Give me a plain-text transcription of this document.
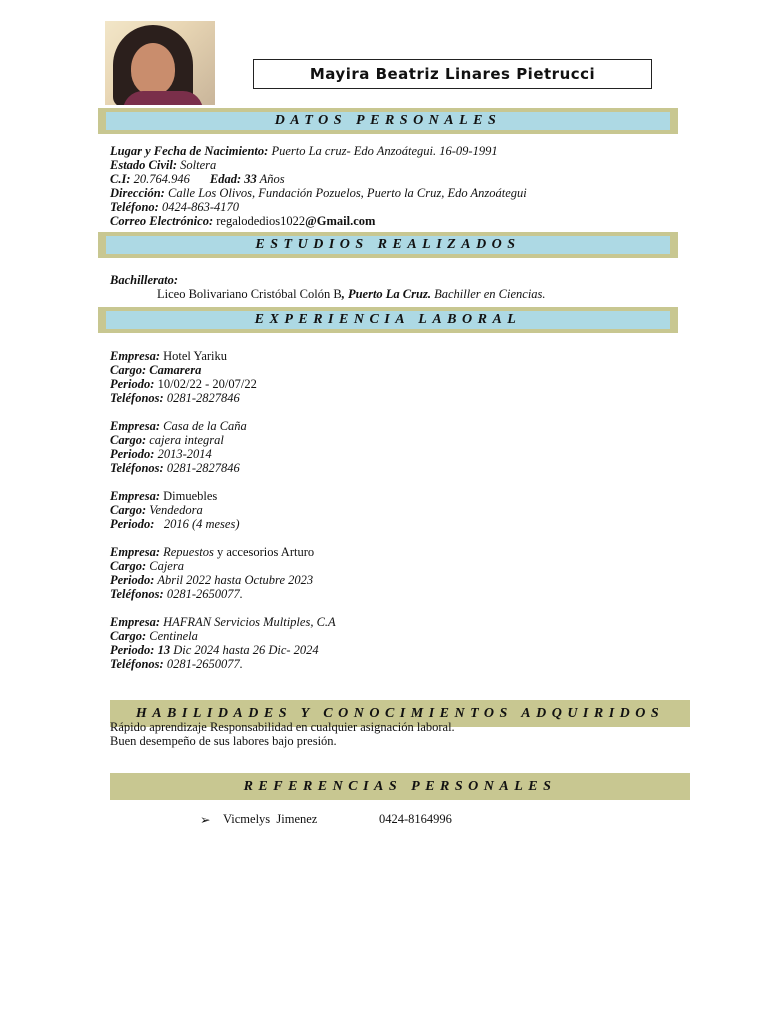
Mayira Beatriz Linares Pietrucci
DATOS PERSONALES
Lugar y Fecha de Nacimiento: Puerto La cruz- Edo Anzoátegui. 16-09-1991
Estado Civil: Soltera
C.I: 20.764.946 Edad: 33 Años
Dirección: Calle Los Olivos, Fundación Pozuelos, Puerto la Cruz, Edo Anzoátegui
Teléfono: 0424-863-4170
Correo Electrónico: regalodedios1022@Gmail.com
ESTUDIOS REALIZADOS
Bachillerato:
Liceo Bolivariano Cristóbal Colón B, Puerto La Cruz. Bachiller en Ciencias.
EXPERIENCIA LABORAL
Empresa: Hotel Yariku
Cargo: Camarera
Periodo: 10/02/22 - 20/07/22
Teléfonos: 0281-2827846
Empresa: Casa de la Caña
Cargo: cajera integral
Periodo: 2013-2014
Teléfonos: 0281-2827846
Empresa: Dimuebles
Cargo: Vendedora
Periodo:   2016 (4 meses)
Empresa: Repuestos y accesorios Arturo
Cargo: Cajera
Periodo: Abril 2022 hasta Octubre 2023
Teléfonos: 0281-2650077.
Empresa: HAFRAN Servicios Multiples, C.A
Cargo: Centinela
Periodo: 13 Dic 2024 hasta 26 Dic- 2024
Teléfonos: 0281-2650077.
HABILIDADES Y CONOCIMIENTOS ADQUIRIDOS
Rápido aprendizaje Responsabilidad en cualquier asignación laboral.
Buen desempeño de sus labores bajo presión.
REFERENCIAS PERSONALES
➢ Vicmelys  Jimenez	0424-8164996
